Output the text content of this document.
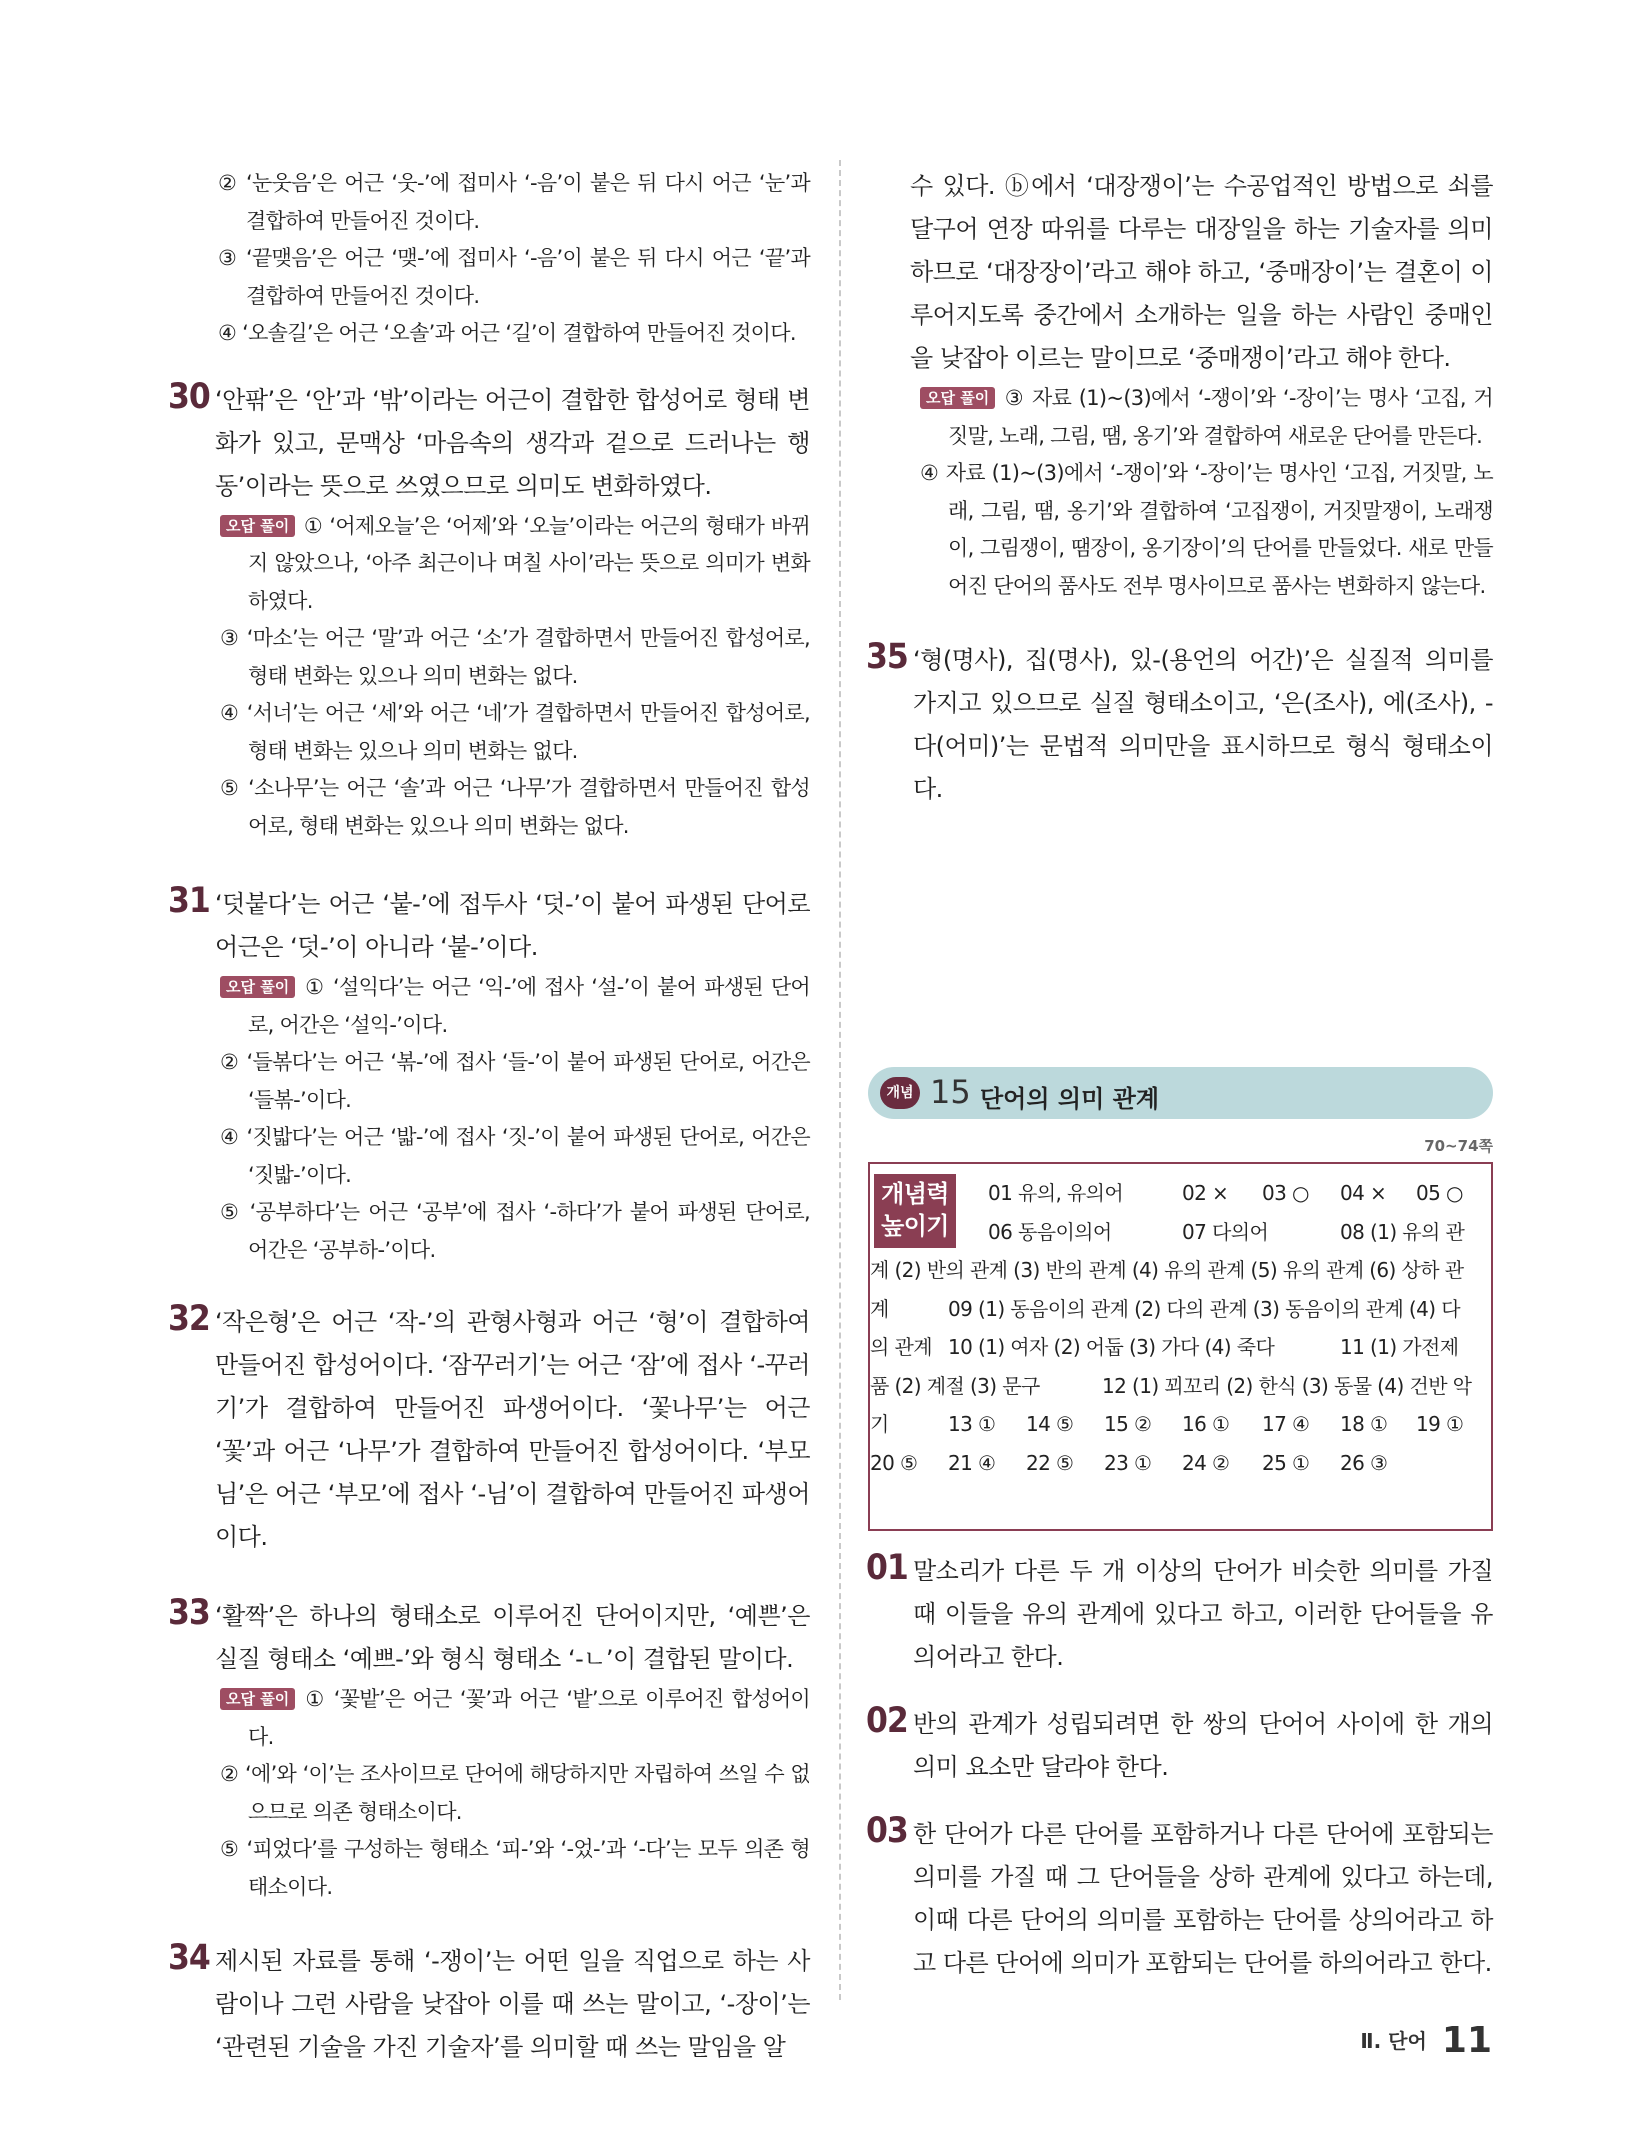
② ‘눈웃음’은 어근 ‘웃-’에 접미사 ‘-음’이 붙은 뒤 다시 어근 ‘눈’과 결합하여 만들어진 것이다.
③ ‘끝맺음’은 어근 ‘맺-’에 접미사 ‘-음’이 붙은 뒤 다시 어근 ‘끝’과 결합하여 만들어진 것이다.
④ ‘오솔길’은 어근 ‘오솔’과 어근 ‘길’이 결합하여 만들어진 것이다.
30 ‘안팎’은 ‘안’과 ‘밖’이라는 어근이 결합한 합성어로 형태 변화가 있고, 문맥상 ‘마음속의 생각과 겉으로 드러나는 행동’이라는 뜻으로 쓰였으므로 의미도 변화하였다.
오답 풀이 ① ‘어제오늘’은 ‘어제’와 ‘오늘’이라는 어근의 형태가 바뀌지 않았으나, ‘아주 최근이나 며칠 사이’라는 뜻으로 의미가 변화하였다.
③ ‘마소’는 어근 ‘말’과 어근 ‘소’가 결합하면서 만들어진 합성어로, 형태 변화는 있으나 의미 변화는 없다.
④ ‘서너’는 어근 ‘세’와 어근 ‘네’가 결합하면서 만들어진 합성어로, 형태 변화는 있으나 의미 변화는 없다.
⑤ ‘소나무’는 어근 ‘솔’과 어근 ‘나무’가 결합하면서 만들어진 합성어로, 형태 변화는 있으나 의미 변화는 없다.
31 ‘덧붙다’는 어근 ‘붙-’에 접두사 ‘덧-’이 붙어 파생된 단어로 어근은 ‘덧-’이 아니라 ‘붙-’이다.
오답 풀이 ① ‘설익다’는 어근 ‘익-’에 접사 ‘설-’이 붙어 파생된 단어로, 어간은 ‘설익-’이다.
② ‘들볶다’는 어근 ‘볶-’에 접사 ‘들-’이 붙어 파생된 단어로, 어간은 ‘들볶-’이다.
④ ‘짓밟다’는 어근 ‘밟-’에 접사 ‘짓-’이 붙어 파생된 단어로, 어간은 ‘짓밟-’이다.
⑤ ‘공부하다’는 어근 ‘공부’에 접사 ‘-하다’가 붙어 파생된 단어로, 어간은 ‘공부하-’이다.
32 ‘작은형’은 어근 ‘작-’의 관형사형과 어근 ‘형’이 결합하여 만들어진 합성어이다. ‘잠꾸러기’는 어근 ‘잠’에 접사 ‘-꾸러기’가 결합하여 만들어진 파생어이다. ‘꽃나무’는 어근 ‘꽃’과 어근 ‘나무’가 결합하여 만들어진 합성어이다. ‘부모님’은 어근 ‘부모’에 접사 ‘-님’이 결합하여 만들어진 파생어이다.
33 ‘활짝’은 하나의 형태소로 이루어진 단어이지만, ‘예쁜’은 실질 형태소 ‘예쁘-’와 형식 형태소 ‘-ㄴ’이 결합된 말이다.
오답 풀이 ① ‘꽃밭’은 어근 ‘꽃’과 어근 ‘밭’으로 이루어진 합성어이다.
② ‘에’와 ‘이’는 조사이므로 단어에 해당하지만 자립하여 쓰일 수 없으므로 의존 형태소이다.
⑤ ‘피었다’를 구성하는 형태소 ‘피-’와 ‘-었-’과 ‘-다’는 모두 의존 형태소이다.
34 제시된 자료를 통해 ‘-쟁이’는 어떤 일을 직업으로 하는 사람이나 그런 사람을 낮잡아 이를 때 쓰는 말이고, ‘-장이’는 ‘관련된 기술을 가진 기술자’를 의미할 때 쓰는 말임을 알
수 있다. ⓑ에서 ‘대장쟁이’는 수공업적인 방법으로 쇠를 달구어 연장 따위를 다루는 대장일을 하는 기술자를 의미하므로 ‘대장장이’라고 해야 하고, ‘중매장이’는 결혼이 이루어지도록 중간에서 소개하는 일을 하는 사람인 중매인을 낮잡아 이르는 말이므로 ‘중매쟁이’라고 해야 한다.
오답 풀이 ③ 자료 (1)~(3)에서 ‘-쟁이’와 ‘-장이’는 명사 ‘고집, 거짓말, 노래, 그림, 땜, 옹기’와 결합하여 새로운 단어를 만든다.
④ 자료 (1)~(3)에서 ‘-쟁이’와 ‘-장이’는 명사인 ‘고집, 거짓말, 노래, 그림, 땜, 옹기’와 결합하여 ‘고집쟁이, 거짓말쟁이, 노래쟁이, 그림쟁이, 땜장이, 옹기장이’의 단어를 만들었다. 새로 만들어진 단어의 품사도 전부 명사이므로 품사는 변화하지 않는다.
35 ‘형(명사), 집(명사), 있-(용언의 어간)’은 실질적 의미를 가지고 있으므로 실질 형태소이고, ‘은(조사), 에(조사), -다(어미)’는 문법적 의미만을 표시하므로 형식 형태소이다.
개념 15 단어의 의미 관계
70~74쪽
개념력
높이기
01 유의, 유의어	02 × 03 ○ 04 × 05 ○
06 동음이의어	07 다의어	08 (1) 유의 관
계 (2) 반의 관계 (3) 반의 관계 (4) 유의 관계 (5) 유의 관계 (6) 상하 관
계	09 (1) 동음이의 관계 (2) 다의 관계 (3) 동음이의 관계 (4) 다
의 관계 10 (1) 여자 (2) 어둡 (3) 가다 (4) 죽다	11 (1) 가전제
품 (2) 계절 (3) 문구	12 (1) 꾀꼬리 (2) 한식 (3) 동물 (4) 건반 악
기	13 ① 14 ⑤ 15 ② 16 ① 17 ④ 18 ① 19 ①
20 ⑤ 21 ④ 22 ⑤ 23 ① 24 ② 25 ① 26 ③
01 말소리가 다른 두 개 이상의 단어가 비슷한 의미를 가질 때 이들을 유의 관계에 있다고 하고, 이러한 단어들을 유의어라고 한다.
02 반의 관계가 성립되려면 한 쌍의 단어어 사이에 한 개의 의미 요소만 달라야 한다.
03 한 단어가 다른 단어를 포함하거나 다른 단어에 포함되는 의미를 가질 때 그 단어들을 상하 관계에 있다고 하는데, 이때 다른 단어의 의미를 포함하는 단어를 상의어라고 하고 다른 단어에 의미가 포함되는 단어를 하의어라고 한다.
Ⅱ. 단어 11
